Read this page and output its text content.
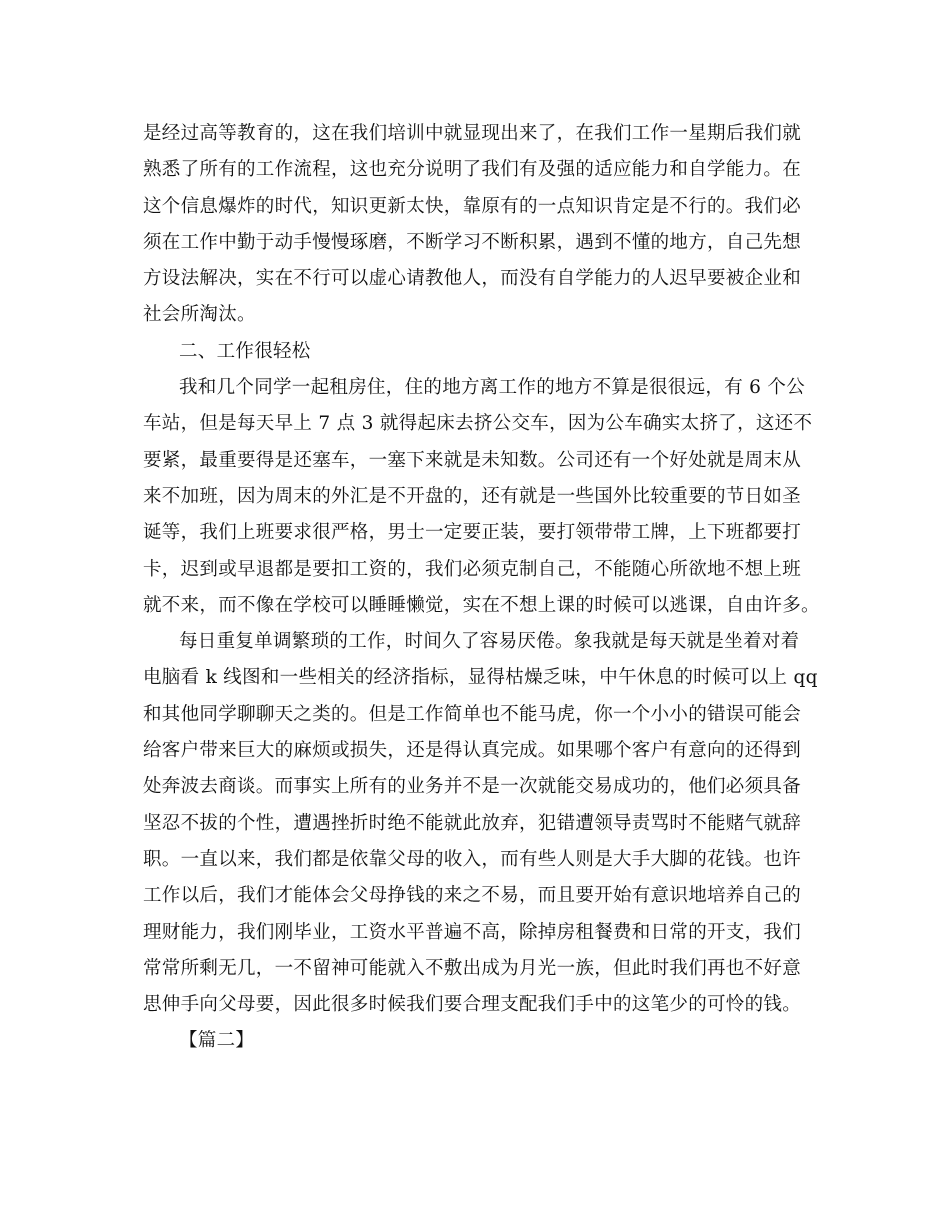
是经过高等教育的，这在我们培训中就显现出来了，在我们工作一星期后我们就
熟悉了所有的工作流程，这也充分说明了我们有及强的适应能力和自学能力。在
这个信息爆炸的时代，知识更新太快，靠原有的一点知识肯定是不行的。我们必
须在工作中勤于动手慢慢琢磨，不断学习不断积累，遇到不懂的地方，自己先想
方设法解决，实在不行可以虚心请教他人，而没有自学能力的人迟早要被企业和
社会所淘汰。
二、工作很轻松
我和几个同学一起租房住，住的地方离工作的地方不算是很很远，有 6 个公
车站，但是每天早上 7 点 3 就得起床去挤公交车，因为公车确实太挤了，这还不
要紧，最重要得是还塞车，一塞下来就是未知数。公司还有一个好处就是周末从
来不加班，因为周末的外汇是不开盘的，还有就是一些国外比较重要的节日如圣
诞等，我们上班要求很严格，男士一定要正装，要打领带带工牌，上下班都要打
卡，迟到或早退都是要扣工资的，我们必须克制自己，不能随心所欲地不想上班
就不来，而不像在学校可以睡睡懒觉，实在不想上课的时候可以逃课，自由许多。
每日重复单调繁琐的工作，时间久了容易厌倦。象我就是每天就是坐着对着
电脑看 k 线图和一些相关的经济指标，显得枯燥乏味，中午休息的时候可以上 qq
和其他同学聊聊天之类的。但是工作简单也不能马虎，你一个小小的错误可能会
给客户带来巨大的麻烦或损失，还是得认真完成。如果哪个客户有意向的还得到
处奔波去商谈。而事实上所有的业务并不是一次就能交易成功的，他们必须具备
坚忍不拔的个性，遭遇挫折时绝不能就此放弃，犯错遭领导责骂时不能赌气就辞
职。一直以来，我们都是依靠父母的收入，而有些人则是大手大脚的花钱。也许
工作以后，我们才能体会父母挣钱的来之不易，而且要开始有意识地培养自己的
理财能力，我们刚毕业，工资水平普遍不高，除掉房租餐费和日常的开支，我们
常常所剩无几，一不留神可能就入不敷出成为月光一族，但此时我们再也不好意
思伸手向父母要，因此很多时候我们要合理支配我们手中的这笔少的可怜的钱。
【篇二】
